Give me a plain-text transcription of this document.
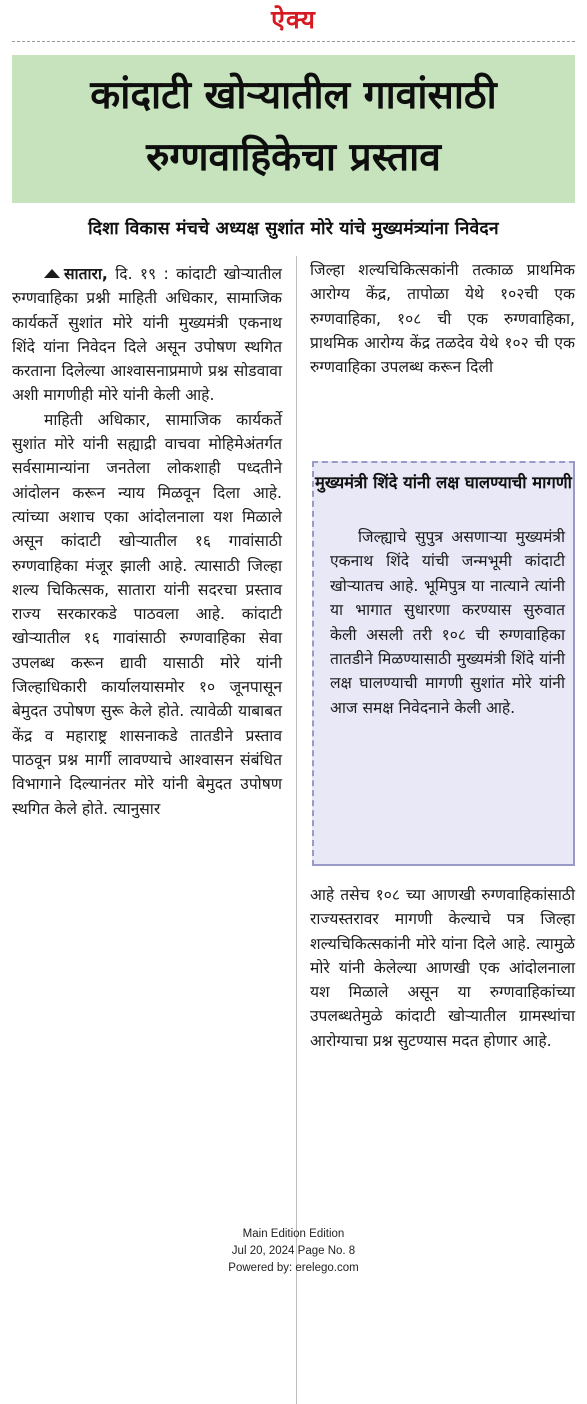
ऐक्य
कांदाटी खोऱ्यातील गावांसाठी
रुग्णवाहिकेचा प्रस्ताव
दिशा विकास मंचचे अध्यक्ष सुशांत मोरे यांचे मुख्यमंत्र्यांना निवेदन

सातारा, दि. १९ : कांदाटी खोऱ्यातील रुग्णवाहिका प्रश्नी माहिती अधिकार, सामाजिक कार्यकर्ते सुशांत मोरे यांनी मुख्यमंत्री एकनाथ शिंदे यांना निवेदन दिले असून उपोषण स्थगित करताना दिलेल्या आश्वासनाप्रमाणे प्रश्न सोडवावा अशी मागणीही मोरे यांनी केली आहे.

माहिती अधिकार, सामाजिक कार्यकर्ते सुशांत मोरे यांनी सह्याद्री वाचवा मोहिमेअंतर्गत सर्वसामान्यांना जनतेला लोकशाही पध्दतीने आंदोलन करून न्याय मिळवून दिला आहे. त्यांच्या अशाच एका आंदोलनाला यश मिळाले असून कांदाटी खोऱ्यातील १६ गावांसाठी रुग्णवाहिका मंजूर झाली आहे. त्यासाठी जिल्हा शल्य चिकित्सक, सातारा यांनी सदरचा प्रस्ताव राज्य सरकारकडे पाठवला आहे. कांदाटी खोऱ्यातील १६ गावांसाठी रुग्णवाहिका सेवा उपलब्ध करून द्यावी यासाठी मोरे यांनी जिल्हाधिकारी कार्यालयासमोर १० जूनपासून बेमुदत उपोषण सुरू केले होते. त्यावेळी याबाबत केंद्र व महाराष्ट्र शासनाकडे तातडीने प्रस्ताव पाठवून प्रश्न मार्गी लावण्याचे आश्वासन संबंधित विभागाने दिल्यानंतर मोरे यांनी बेमुदत उपोषण स्थगित केले होते. त्यानुसार

जिल्हा शल्यचिकित्सकांनी तत्काळ प्राथमिक आरोग्य केंद्र, तापोळा येथे १०२ची एक रुग्णवाहिका, १०८ ची एक रुग्णवाहिका, प्राथमिक आरोग्य केंद्र तळदेव येथे १०२ ची एक रुग्णवाहिका उपलब्ध करून दिली

मुख्यमंत्री शिंदे यांनी लक्ष घालण्याची मागणी
जिल्ह्याचे सुपुत्र असणाऱ्या मुख्यमंत्री एकनाथ शिंदे यांची जन्मभूमी कांदाटी खोऱ्यातच आहे. भूमिपुत्र या नात्याने त्यांनी या भागात सुधारणा करण्यास सुरुवात केली असली तरी १०८ ची रुग्णवाहिका तातडीने मिळण्यासाठी मुख्यमंत्री शिंदे यांनी लक्ष घालण्याची मागणी सुशांत मोरे यांनी आज समक्ष निवेदनाने केली आहे.

आहे तसेच १०८ च्या आणखी रुग्णवाहिकांसाठी राज्यस्तरावर मागणी केल्याचे पत्र जिल्हा शल्यचिकित्सकांनी मोरे यांना दिले आहे. त्यामुळे मोरे यांनी केलेल्या आणखी एक आंदोलनाला यश मिळाले असून या रुग्णवाहिकांच्या उपलब्धतेमुळे कांदाटी खोऱ्यातील ग्रामस्थांचा आरोग्याचा प्रश्न सुटण्यास मदत होणार आहे.

Main Edition Edition
Jul 20, 2024 Page No. 8
Powered by: erelego.com
